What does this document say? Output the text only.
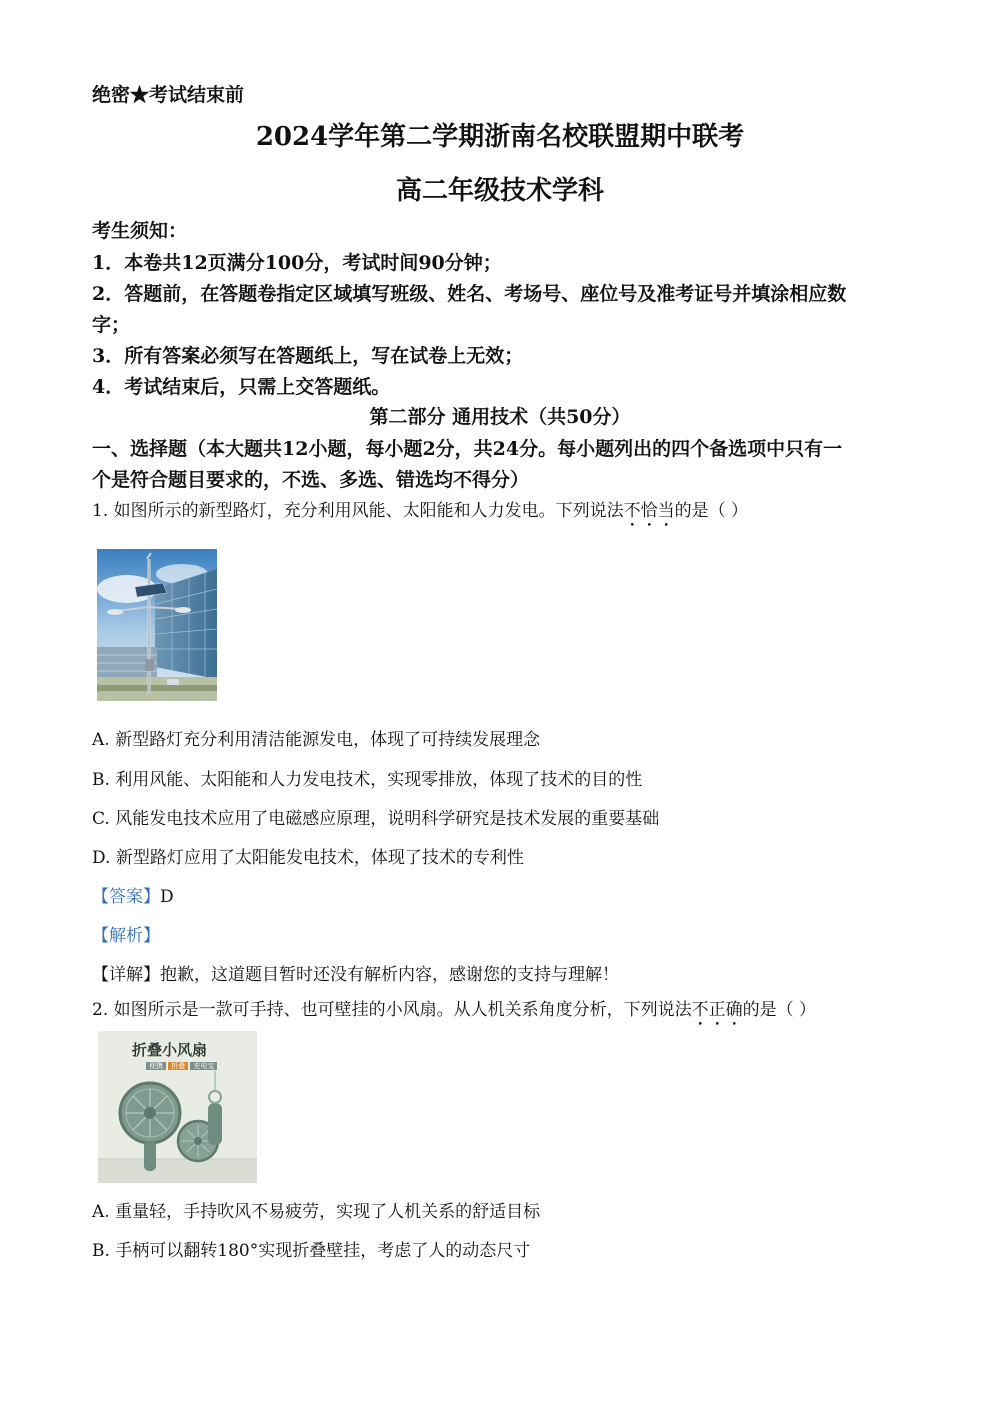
绝密★考试结束前
2024学年第二学期浙南名校联盟期中联考
高二年级技术学科
考生须知：
1．本卷共12页满分100分，考试时间90分钟；
2．答题前，在答题卷指定区域填写班级、姓名、考场号、座位号及准考证号并填涂相应数
字；
3．所有答案必须写在答题纸上，写在试卷上无效；
4．考试结束后，只需上交答题纸。
第二部分 通用技术（共50分）
一、选择题（本大题共12小题，每小题2分，共24分。每小题列出的四个备选项中只有一
个是符合题目要求的，不选、多选、错选均不得分）
1. 如图所示的新型路灯，充分利用风能、太阳能和人力发电。下列说法不恰当的是（ ）
A. 新型路灯充分利用清洁能源发电，体现了可持续发展理念
B. 利用风能、太阳能和人力发电技术，实现零排放，体现了技术的目的性
C. 风能发电技术应用了电磁感应原理，说明科学研究是技术发展的重要基础
D. 新型路灯应用了太阳能发电技术，体现了技术的专利性
【答案】D
【解析】
【详解】抱歉，这道题目暂时还没有解析内容，感谢您的支持与理解！
2. 如图所示是一款可手持、也可壁挂的小风扇。从人机关系角度分析，下列说法不正确的是（ ）
折叠小风扇
便携 折叠 充电宝
A. 重量轻，手持吹风不易疲劳，实现了人机关系的舒适目标
B. 手柄可以翻转180°实现折叠壁挂，考虑了人的动态尺寸
